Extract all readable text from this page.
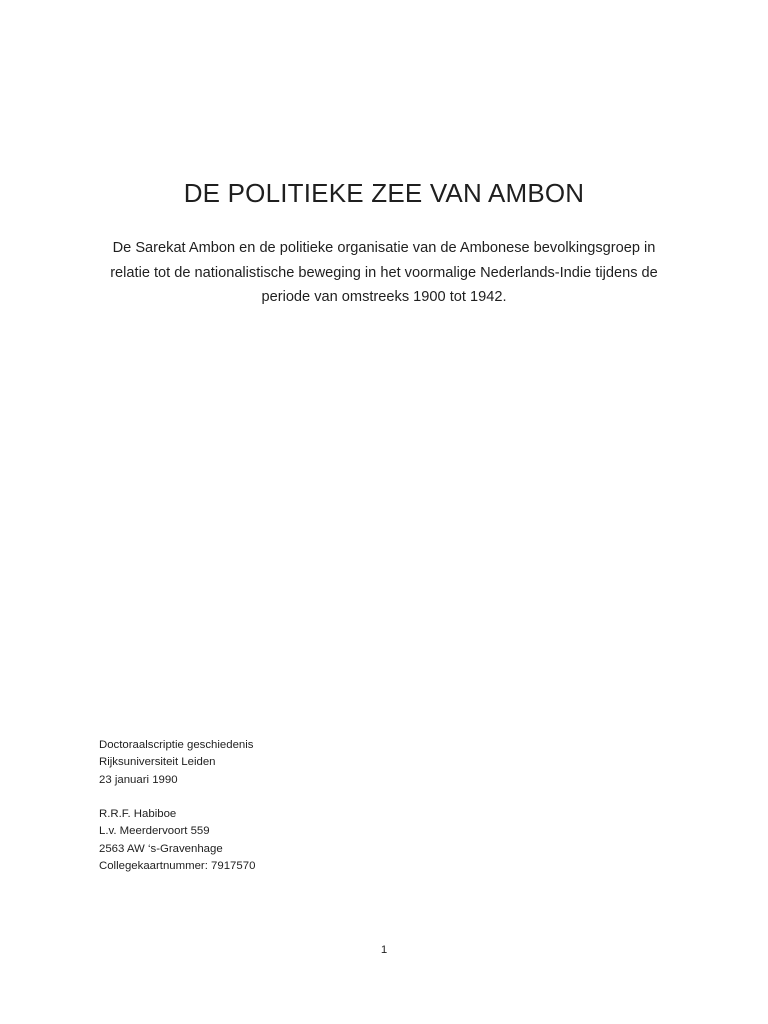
DE POLITIEKE ZEE VAN AMBON

De Sarekat Ambon en de politieke organisatie van de Ambonese bevolkingsgroep in relatie tot de nationalistische beweging in het voormalige Nederlands-Indie tijdens de periode van omstreeks 1900 tot 1942.

Doctoraalscriptie geschiedenis
Rijksuniversiteit Leiden
23 januari 1990
R.R.F. Habiboe
L.v. Meerdervoort 559
2563 AW ‘s-Gravenhage
Collegekaartnummer: 7917570
1
